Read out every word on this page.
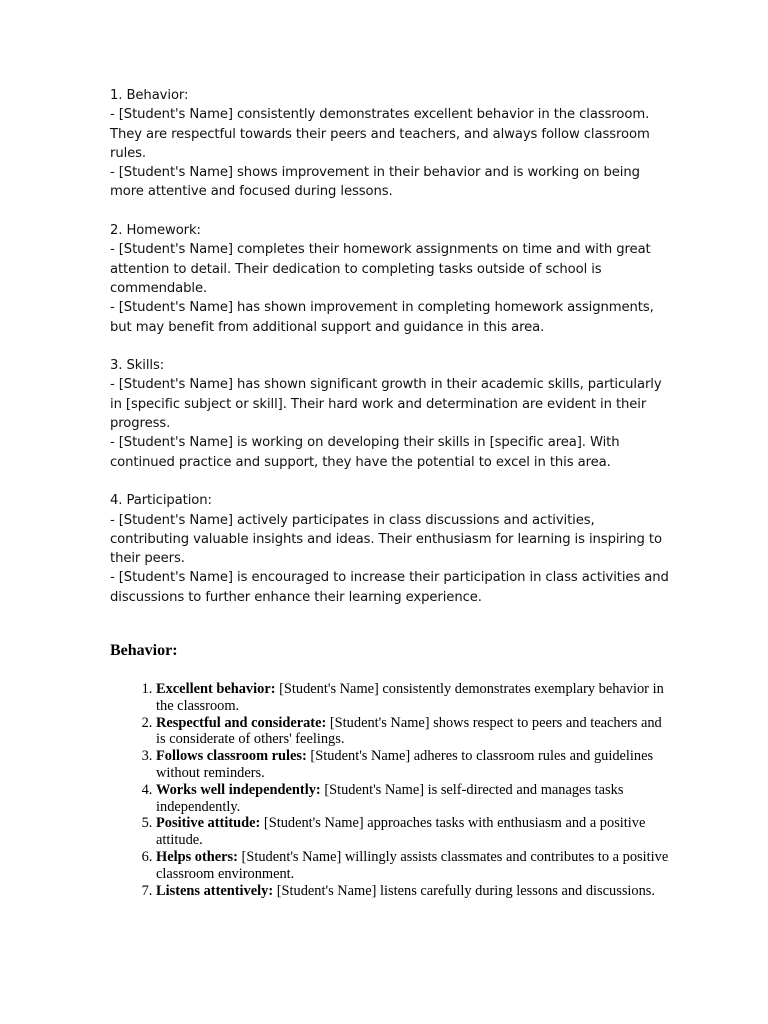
1. Behavior:

- [Student's Name] consistently demonstrates excellent behavior in the classroom. They are respectful towards their peers and teachers, and always follow classroom rules.

- [Student's Name] shows improvement in their behavior and is working on being more attentive and focused during lessons.

2. Homework:

- [Student's Name] completes their homework assignments on time and with great attention to detail. Their dedication to completing tasks outside of school is commendable.

- [Student's Name] has shown improvement in completing homework assignments, but may benefit from additional support and guidance in this area.

3. Skills:

- [Student's Name] has shown significant growth in their academic skills, particularly in [specific subject or skill]. Their hard work and determination are evident in their progress.

- [Student's Name] is working on developing their skills in [specific area]. With continued practice and support, they have the potential to excel in this area.

4. Participation:

- [Student's Name] actively participates in class discussions and activities, contributing valuable insights and ideas. Their enthusiasm for learning is inspiring to their peers.

- [Student's Name] is encouraged to increase their participation in class activities and discussions to further enhance their learning experience.

Behavior:
1. Excellent behavior: [Student's Name] consistently demonstrates exemplary behavior in the classroom.
2. Respectful and considerate: [Student's Name] shows respect to peers and teachers and is considerate of others' feelings.
3. Follows classroom rules: [Student's Name] adheres to classroom rules and guidelines without reminders.
4. Works well independently: [Student's Name] is self-directed and manages tasks independently.
5. Positive attitude: [Student's Name] approaches tasks with enthusiasm and a positive attitude.
6. Helps others: [Student's Name] willingly assists classmates and contributes to a positive classroom environment.
7. Listens attentively: [Student's Name] listens carefully during lessons and discussions.
